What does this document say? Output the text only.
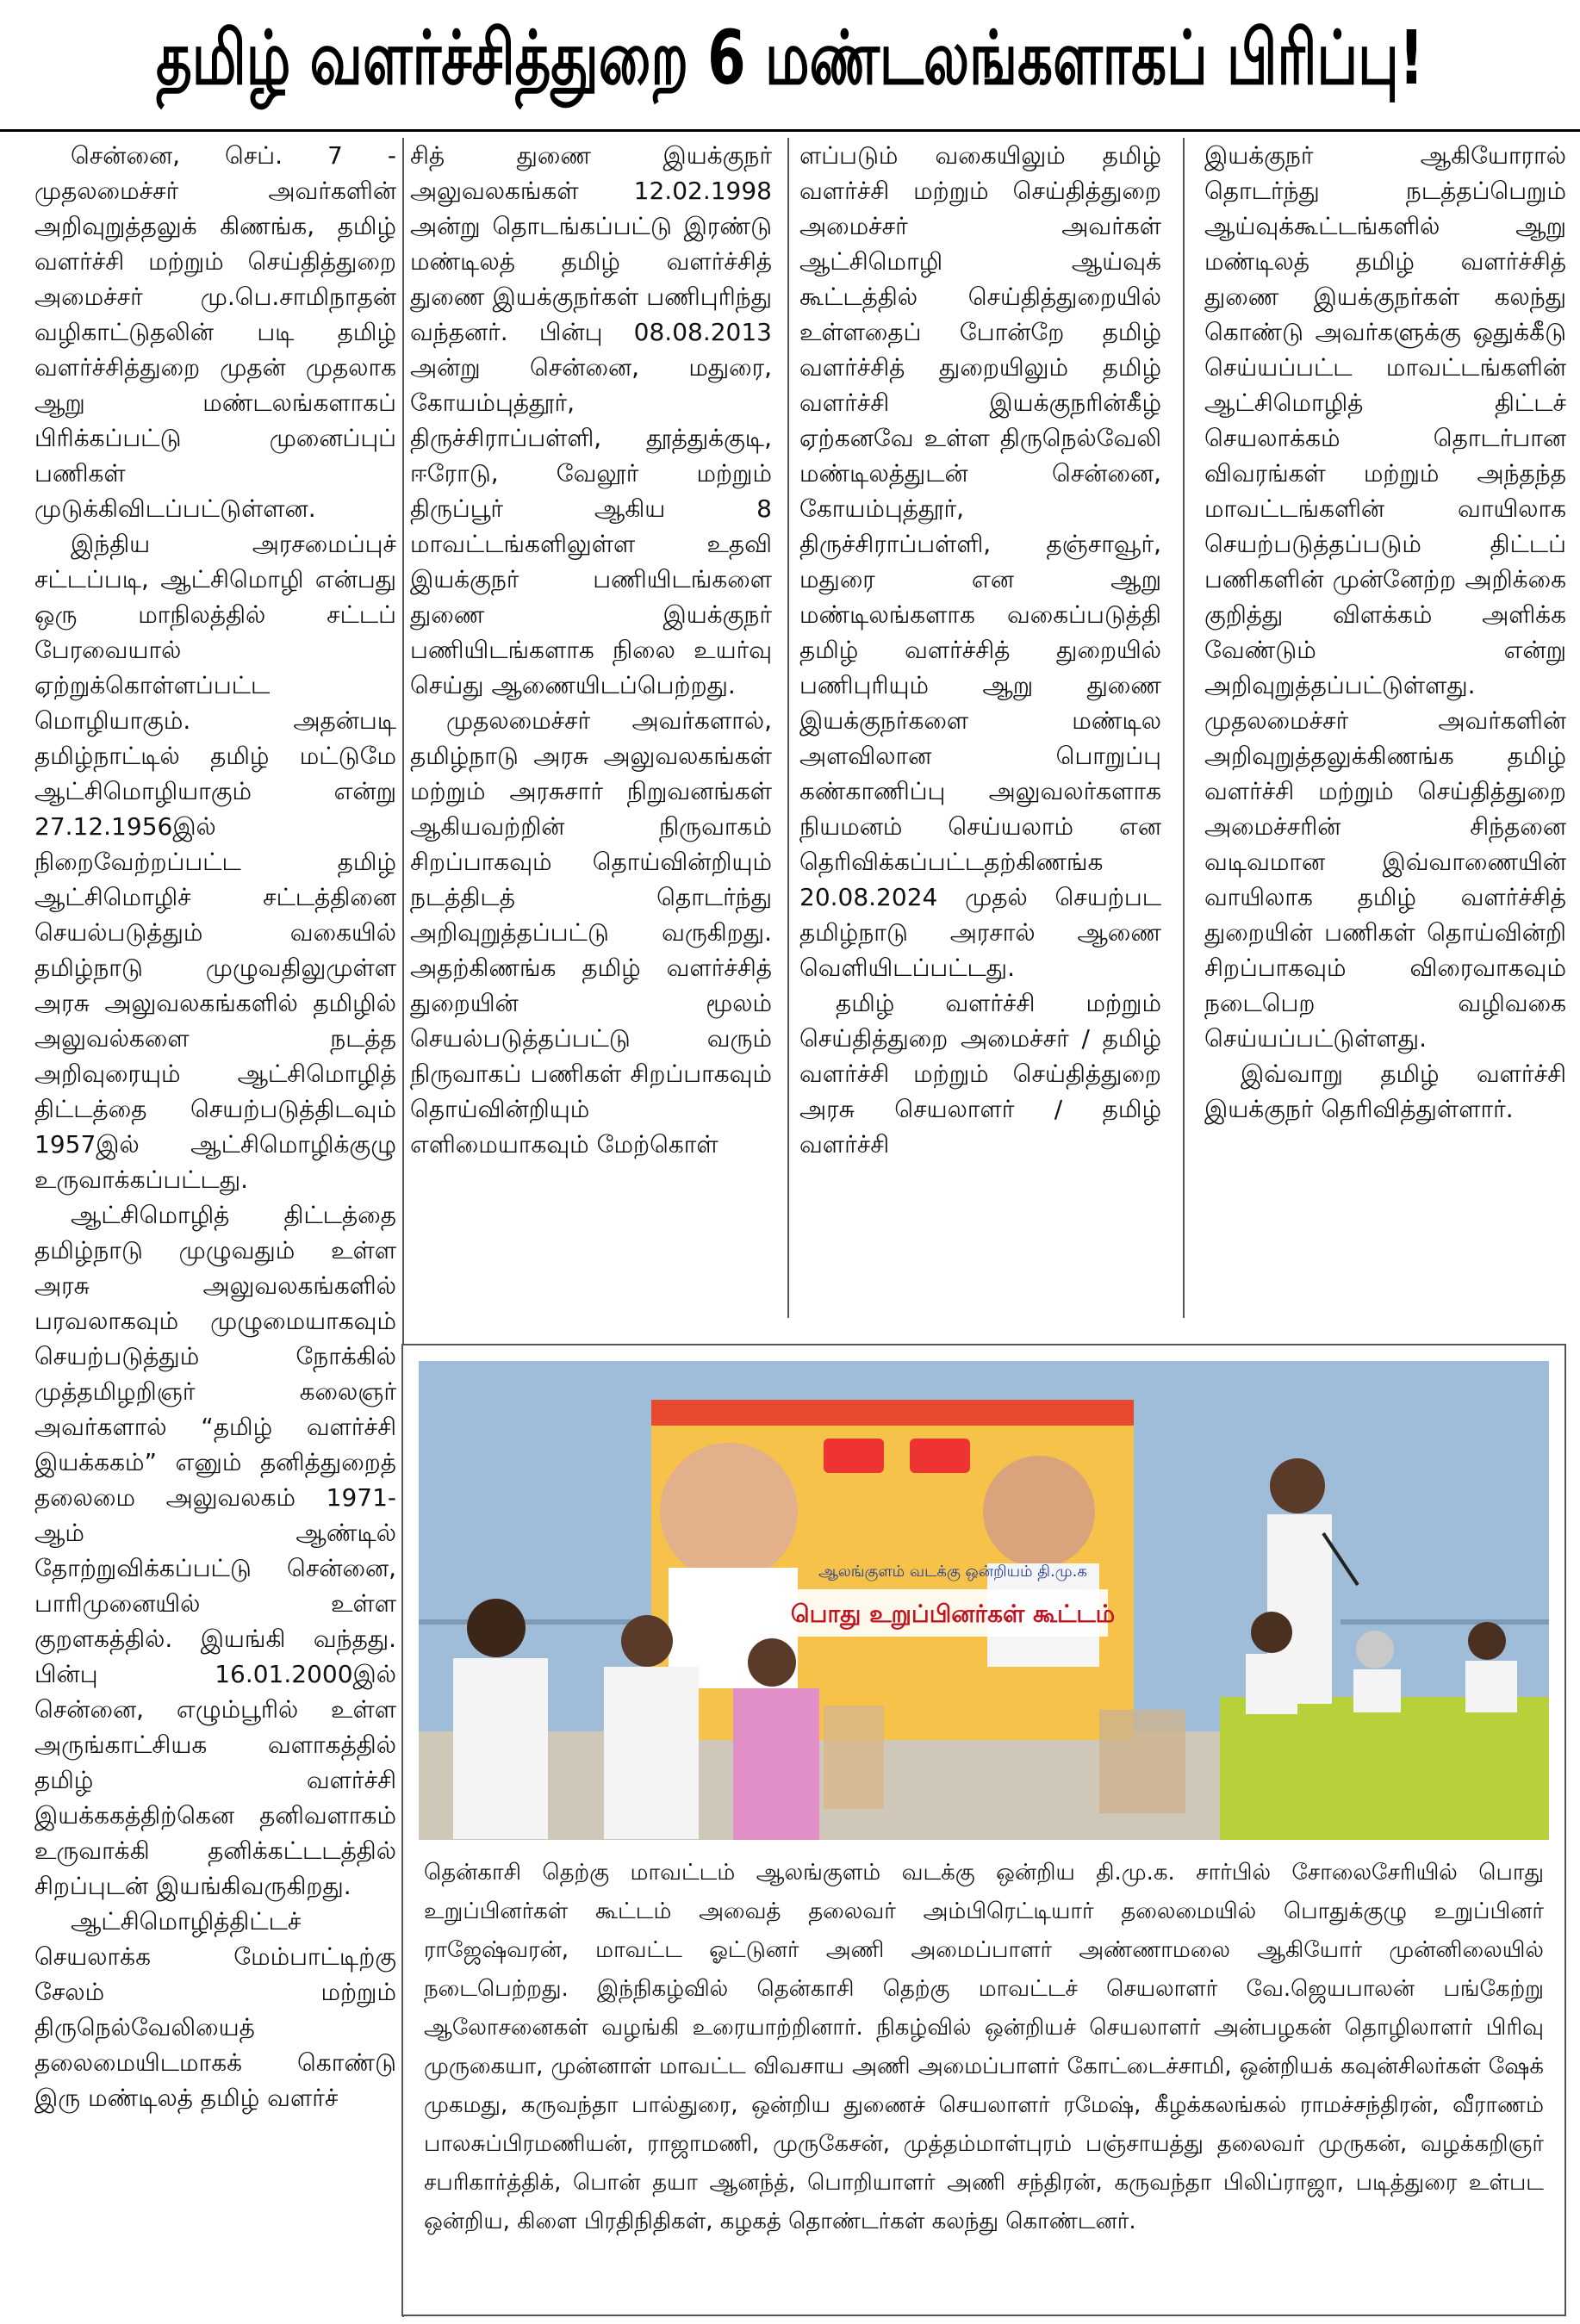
தமிழ் வளர்ச்சித்துறை 6 மண்டலங்களாகப் பிரிப்பு!

சென்னை, செப். 7 - முதலமைச்சர் அவர்களின் அறிவுறுத்தலுக் கிணங்க, தமிழ் வளர்ச்சி மற்றும் செய்தித்துறை அமைச்சர் மு.பெ.சாமிநாதன் வழிகாட்டுதலின் படி தமிழ் வளர்ச்சித்துறை முதன் முதலாக ஆறு மண்டலங்களாகப் பிரிக்கப்பட்டு முனைப்புப் பணிகள் முடுக்கிவிடப்பட்டுள்ளன.

இந்திய அரசமைப்புச் சட்டப்படி, ஆட்சிமொழி என்பது ஒரு மாநிலத்தில் சட்டப் பேரவையால் ஏற்றுக்கொள்ளப்பட்ட மொழியாகும். அதன்படி தமிழ்நாட்டில் தமிழ் மட்டுமே ஆட்சிமொழியாகும் என்று 27.12.1956இல் நிறைவேற்றப்பட்ட தமிழ் ஆட்சிமொழிச் சட்டத்தினை செயல்படுத்தும் வகையில் தமிழ்நாடு முழுவதிலுமுள்ள அரசு அலுவலகங்களில் தமிழில் அலுவல்களை நடத்த அறிவுரையும் ஆட்சிமொழித் திட்டத்தை செயற்படுத்திடவும் 1957இல் ஆட்சிமொழிக்குழு உருவாக்கப்பட்டது.

ஆட்சிமொழித் திட்டத்தை தமிழ்நாடு முழுவதும் உள்ள அரசு அலுவலகங்களில் பரவலாகவும் முழுமையாகவும் செயற்படுத்தும் நோக்கில் முத்தமிழறிஞர் கலைஞர் அவர்களால் “தமிழ் வளர்ச்சி இயக்ககம்” எனும் தனித்துறைத் தலைமை அலுவலகம் 1971-ஆம் ஆண்டில் தோற்றுவிக்கப்பட்டு சென்னை, பாரிமுனையில் உள்ள குறளகத்தில். இயங்கி வந்தது. பின்பு 16.01.2000இல் சென்னை, எழும்பூரில் உள்ள அருங்காட்சியக வளாகத்தில் தமிழ் வளர்ச்சி இயக்ககத்திற்கென தனிவளாகம் உருவாக்கி தனிக்கட்டடத்தில் சிறப்புடன் இயங்கிவருகிறது.

ஆட்சிமொழித்திட்டச் செயலாக்க மேம்பாட்டிற்கு சேலம் மற்றும் திருநெல்வேலியைத் தலைமையிடமாகக் கொண்டு இரு மண்டிலத் தமிழ் வளர்ச்

சித் துணை இயக்குநர் அலுவலகங்கள் 12.02.1998 அன்று தொடங்கப்பட்டு இரண்டு மண்டிலத் தமிழ் வளர்ச்சித் துணை இயக்குநர்கள் பணிபுரிந்து வந்தனர். பின்பு 08.08.2013 அன்று சென்னை, மதுரை, கோயம்புத்தூர், திருச்சிராப்பள்ளி, தூத்துக்குடி, ஈரோடு, வேலூர் மற்றும் திருப்பூர் ஆகிய 8 மாவட்டங்களிலுள்ள உதவி இயக்குநர் பணியிடங்களை துணை இயக்குநர் பணியிடங்களாக நிலை உயர்வு செய்து ஆணையிடப்பெற்றது.

முதலமைச்சர் அவர்களால், தமிழ்நாடு அரசு அலுவலகங்கள் மற்றும் அரசுசார் நிறுவனங்கள் ஆகியவற்றின் நிருவாகம் சிறப்பாகவும் தொய்வின்றியும் நடத்திடத் தொடர்ந்து அறிவுறுத்தப்பட்டு வருகிறது. அதற்கிணங்க தமிழ் வளர்ச்சித் துறையின் மூலம் செயல்படுத்தப்பட்டு வரும் நிருவாகப் பணிகள் சிறப்பாகவும் தொய்வின்றியும் எளிமையாகவும் மேற்கொள்

ளப்படும் வகையிலும் தமிழ் வளர்ச்சி மற்றும் செய்தித்துறை அமைச்சர் அவர்கள் ஆட்சிமொழி ஆய்வுக் கூட்டத்தில் செய்தித்துறையில் உள்ளதைப் போன்றே தமிழ் வளர்ச்சித் துறையிலும் தமிழ் வளர்ச்சி இயக்குநரின்கீழ் ஏற்கனவே உள்ள திருநெல்வேலி மண்டிலத்துடன் சென்னை, கோயம்புத்தூர், திருச்சிராப்பள்ளி, தஞ்சாவூர், மதுரை என ஆறு மண்டிலங்களாக வகைப்படுத்தி தமிழ் வளர்ச்சித் துறையில் பணிபுரியும் ஆறு துணை இயக்குநர்களை மண்டில அளவிலான பொறுப்பு கண்காணிப்பு அலுவலர்களாக நியமனம் செய்யலாம் என தெரிவிக்கப்பட்டதற்கிணங்க 20.08.2024 முதல் செயற்பட தமிழ்நாடு அரசால் ஆணை வெளியிடப்பட்டது.

தமிழ் வளர்ச்சி மற்றும் செய்தித்துறை அமைச்சர் / தமிழ் வளர்ச்சி மற்றும் செய்தித்துறை அரசு செயலாளர் / தமிழ் வளர்ச்சி

இயக்குநர் ஆகியோரால் தொடர்ந்து நடத்தப்பெறும் ஆய்வுக்கூட்டங்களில் ஆறு மண்டிலத் தமிழ் வளர்ச்சித் துணை இயக்குநர்கள் கலந்து கொண்டு அவர்களுக்கு ஒதுக்கீடு செய்யப்பட்ட மாவட்டங்களின் ஆட்சிமொழித் திட்டச் செயலாக்கம் தொடர்பான விவரங்கள் மற்றும் அந்தந்த மாவட்டங்களின் வாயிலாக செயற்படுத்தப்படும் திட்டப் பணிகளின் முன்னேற்ற அறிக்கை குறித்து விளக்கம் அளிக்க வேண்டும் என்று அறிவுறுத்தப்பட்டுள்ளது. முதலமைச்சர் அவர்களின் அறிவுறுத்தலுக்கிணங்க தமிழ் வளர்ச்சி மற்றும் செய்தித்துறை அமைச்சரின் சிந்தனை வடிவமான இவ்வாணையின் வாயிலாக தமிழ் வளர்ச்சித் துறையின் பணிகள் தொய்வின்றி சிறப்பாகவும் விரைவாகவும் நடைபெற வழிவகை செய்யப்பட்டுள்ளது.

இவ்வாறு தமிழ் வளர்ச்சி இயக்குநர் தெரிவித்துள்ளார்.

பொது உறுப்பினர்கள் கூட்டம்
ஆலங்குளம் வடக்கு ஒன்றியம் தி.மு.க
தென்காசி தெற்கு மாவட்டம் ஆலங்குளம் வடக்கு ஒன்றிய தி.மு.க. சார்பில் சோலைசேரியில் பொது உறுப்பினர்கள் கூட்டம் அவைத் தலைவர் அம்பிரெட்டியார் தலைமையில் பொதுக்குழு உறுப்பினர் ராஜேஷ்வரன், மாவட்ட ஓட்டுனர் அணி அமைப்பாளர் அண்ணாமலை ஆகியோர் முன்னிலையில் நடைபெற்றது. இந்நிகழ்வில் தென்காசி தெற்கு மாவட்டச் செயலாளர் வே.ஜெயபாலன் பங்கேற்று ஆலோசனைகள் வழங்கி உரையாற்றினார். நிகழ்வில் ஒன்றியச் செயலாளர் அன்பழகன் தொழிலாளர் பிரிவு முருகையா, முன்னாள் மாவட்ட விவசாய அணி அமைப்பாளர் கோட்டைச்சாமி, ஒன்றியக் கவுன்சிலர்கள் ஷேக் முகமது, கருவந்தா பால்துரை, ஒன்றிய துணைச் செயலாளர் ரமேஷ், கீழக்கலங்கல் ராமச்சந்திரன், வீராணம் பாலசுப்பிரமணியன், ராஜாமணி, முருகேசன், முத்தம்மாள்புரம் பஞ்சாயத்து தலைவர் முருகன், வழக்கறிஞர் சபரிகார்த்திக், பொன் தயா ஆனந்த், பொறியாளர் அணி சந்திரன், கருவந்தா பிலிப்ராஜா, படித்துரை உள்பட ஒன்றிய, கிளை பிரதிநிதிகள், கழகத் தொண்டர்கள் கலந்து கொண்டனர்.
